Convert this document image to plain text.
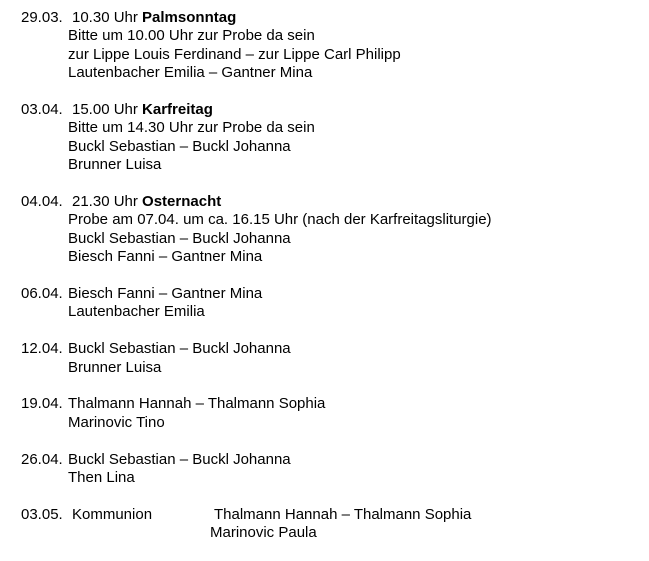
29.03. 10.30 Uhr
Palmsonntag
Bitte um 10.00 Uhr zur Probe da sein
zur Lippe Louis Ferdinand – zur Lippe Carl Philipp
Lautenbacher Emilia – Gantner Mina
03.04. 15.00 Uhr
Karfreitag
Bitte um 14.30 Uhr zur Probe da sein
Buckl Sebastian – Buckl Johanna
Brunner Luisa
04.04. 21.30 Uhr
Osternacht
Probe am 07.04. um ca. 16.15 Uhr (nach der Karfreitagsliturgie)
Buckl Sebastian – Buckl Johanna
Biesch Fanni – Gantner Mina
06.04. Biesch Fanni – Gantner Mina
Lautenbacher Emilia
12.04. Buckl Sebastian – Buckl Johanna
Brunner Luisa
19.04. Thalmann Hannah – Thalmann Sophia
Marinovic Tino
26.04. Buckl Sebastian – Buckl Johanna
Then Lina
03.05. Kommunion	Thalmann Hannah – Thalmann Sophia
Marinovic Paula
